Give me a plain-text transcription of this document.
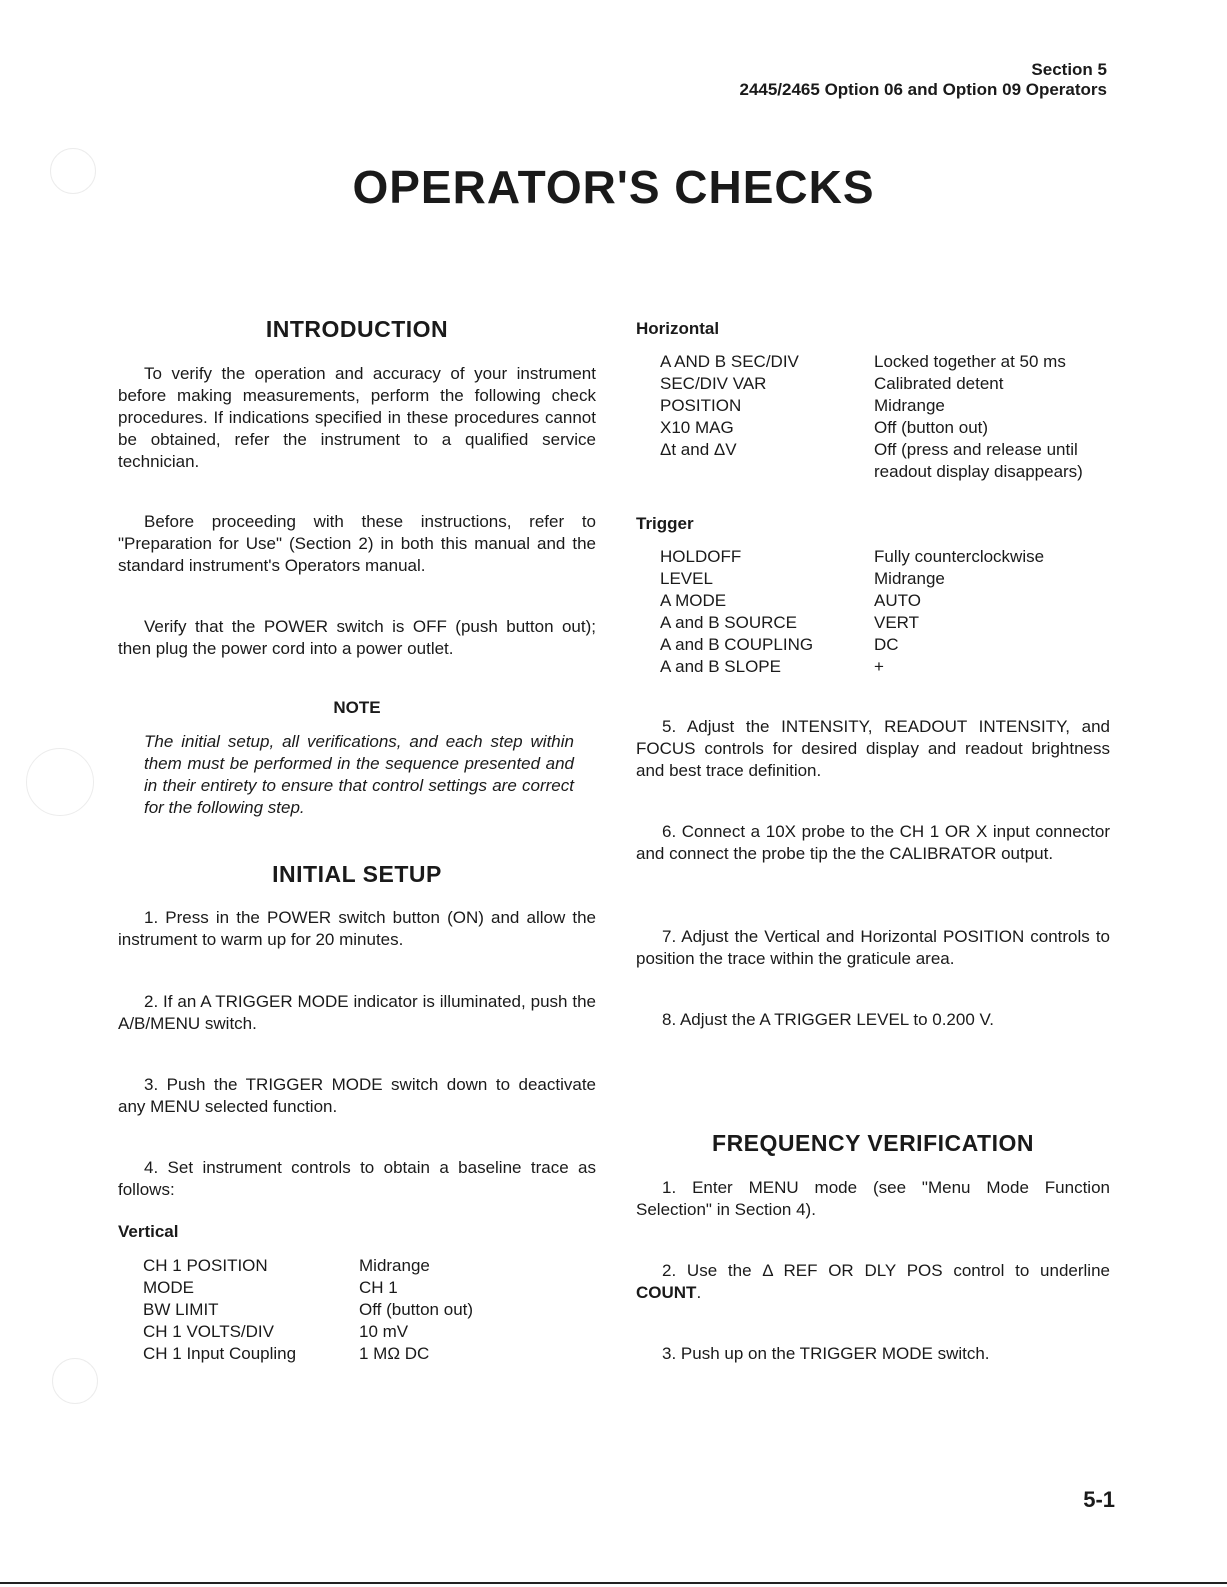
Section 5
2445/2465 Option 06 and Option 09 Operators
OPERATOR'S CHECKS
INTRODUCTION
To verify the operation and accuracy of your instrument before making measurements, perform the following check procedures. If indications specified in these procedures cannot be obtained, refer the instrument to a qualified service technician.
Before proceeding with these instructions, refer to "Preparation for Use" (Section 2) in both this manual and the standard instrument's Operators manual.
Verify that the POWER switch is OFF (push button out); then plug the power cord into a power outlet.
NOTE
The initial setup, all verifications, and each step within them must be performed in the sequence presented and in their entirety to ensure that control settings are correct for the following step.
INITIAL SETUP
1. Press in the POWER switch button (ON) and allow the instrument to warm up for 20 minutes.
2. If an A TRIGGER MODE indicator is illuminated, push the A/B/MENU switch.
3. Push the TRIGGER MODE switch down to deactivate any MENU selected function.
4. Set instrument controls to obtain a baseline trace as follows:
Vertical
CH 1 POSITION	Midrange
MODE	CH 1
BW LIMIT	Off (button out)
CH 1 VOLTS/DIV	10 mV
CH 1 Input Coupling	1 MΩ DC
Horizontal
A AND B SEC/DIV	Locked together at 50 ms
SEC/DIV VAR	Calibrated detent
POSITION	Midrange
X10 MAG	Off (button out)
Δt and ΔV	Off (press and release until readout display disappears)
Trigger
HOLDOFF	Fully counterclockwise
LEVEL	Midrange
A MODE	AUTO
A and B SOURCE	VERT
A and B COUPLING	DC
A and B SLOPE	+
5. Adjust the INTENSITY, READOUT INTENSITY, and FOCUS controls for desired display and readout brightness and best trace definition.
6. Connect a 10X probe to the CH 1 OR X input connector and connect the probe tip the the CALIBRATOR output.
7. Adjust the Vertical and Horizontal POSITION controls to position the trace within the graticule area.
8. Adjust the A TRIGGER LEVEL to 0.200 V.
FREQUENCY VERIFICATION
1. Enter MENU mode (see "Menu Mode Function Selection" in Section 4).
2. Use the Δ REF OR DLY POS control to underline COUNT.
3. Push up on the TRIGGER MODE switch.
5-1
